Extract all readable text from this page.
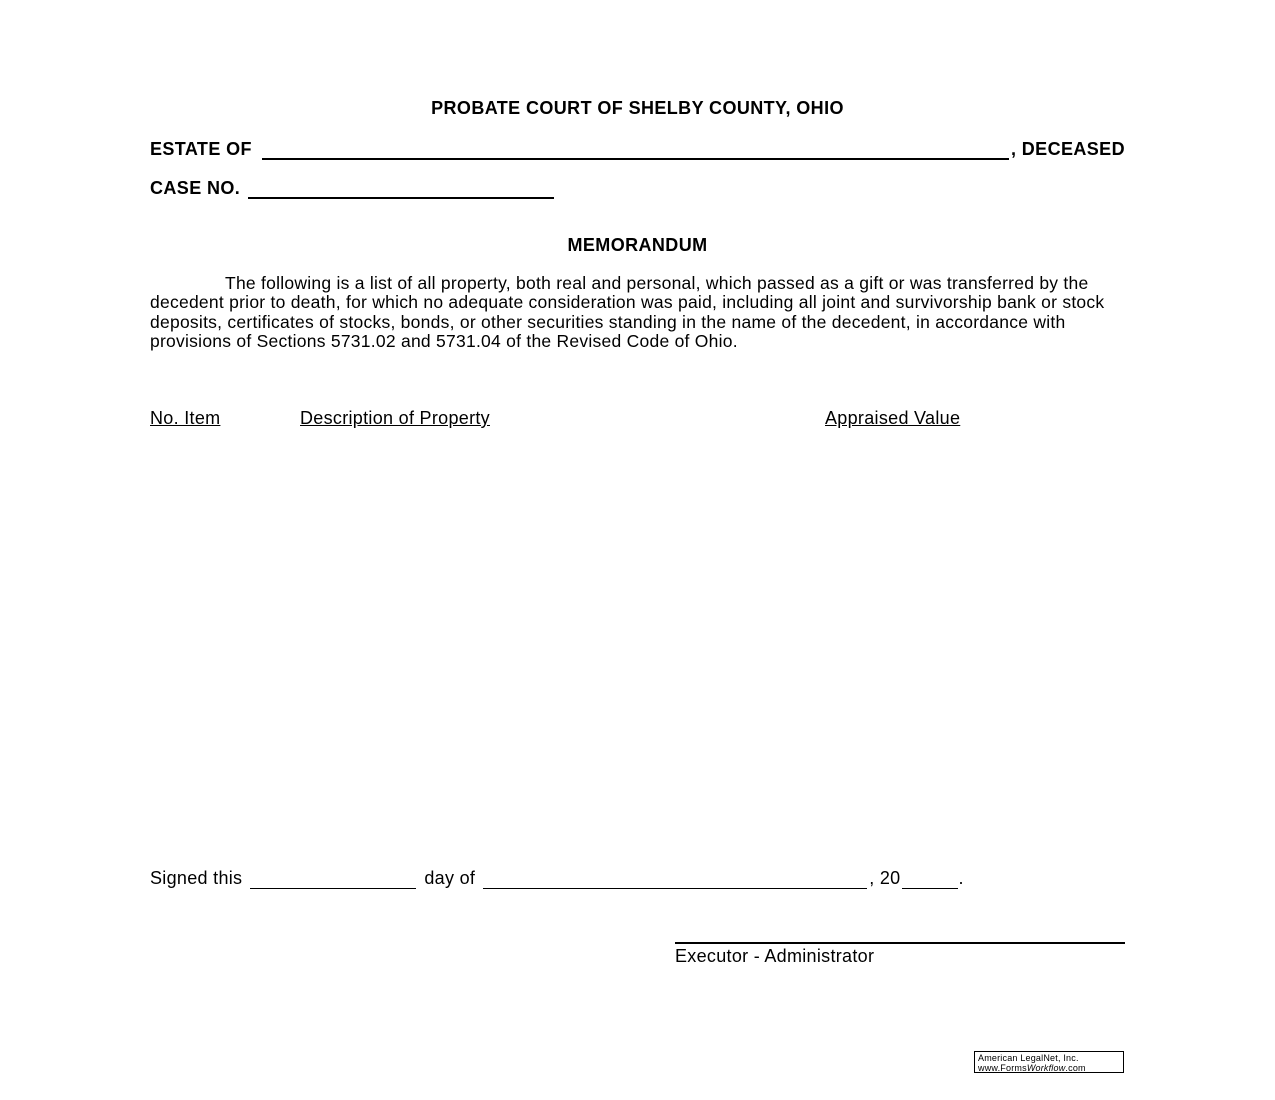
PROBATE COURT OF SHELBY COUNTY, OHIO
ESTATE OF	, DECEASED
CASE NO.
MEMORANDUM

The following is a list of all property, both real and personal, which passed as a gift or was transferred by the decedent prior to death, for which no adequate consideration was paid, including all joint and survivorship bank or stock deposits, certificates of stocks, bonds, or other securities standing in the name of the decedent, in accordance with provisions of Sections 5731.02 and 5731.04 of the Revised Code of Ohio.

No. Item	Description of Property	Appraised Value
Signed this	day of	, 20	.
Executor - Administrator
American LegalNet, Inc.
www.FormsWorkflow.com
